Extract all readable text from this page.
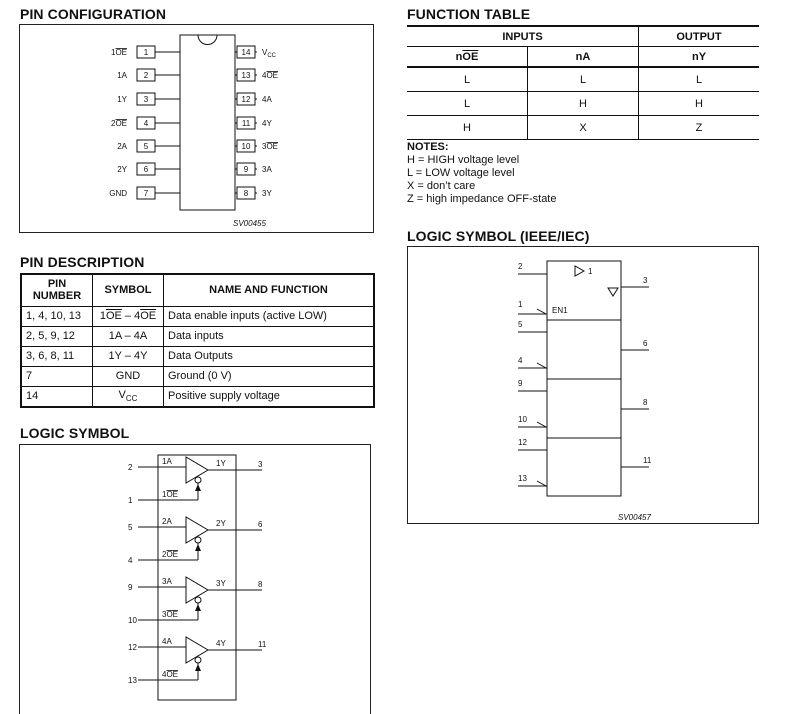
PIN CONFIGURATION
1
1OE
2
1A
3
1Y
4
2OE
5
2A
6
2Y
7
GND
14 $V_{CC}$
13 4OE
12 4A
11 4Y
10 3OE
9 3A
8 3Y
SV00455
PIN DESCRIPTION
PIN
NUMBER	SYMBOL	NAME AND FUNCTION
1, 4, 10, 13	$1\overline{OE} - 4\overline{OE}$	Data enable inputs (active LOW)
2, 5, 9, 12	1A – 4A	Data inputs
3, 6, 8, 11	1Y – 4Y	Data Outputs
7	GND	Ground (0 V)
14	$V_{CC}$	Positive supply voltage
LOGIC SYMBOL
2
1A	1Y	3
1
1OE
5
2A	2Y	6
4
2OE
9
3A	3Y	8
10
3OE
12
4A	4Y	11
13
4OE
FUNCTION TABLE
INPUTS		OUTPUT
$n\overline{OE}$	nA	nY
L	L	L
L	H	H
H	X	Z
NOTES:
H = HIGH voltage level
L = LOW voltage level
X = don’t care
Z = high impedance OFF-state
LOGIC SYMBOL (IEEE/IEC)
2
1
1
EN1
3
6
8
11
5
4
9
10
12
13
SV00457
